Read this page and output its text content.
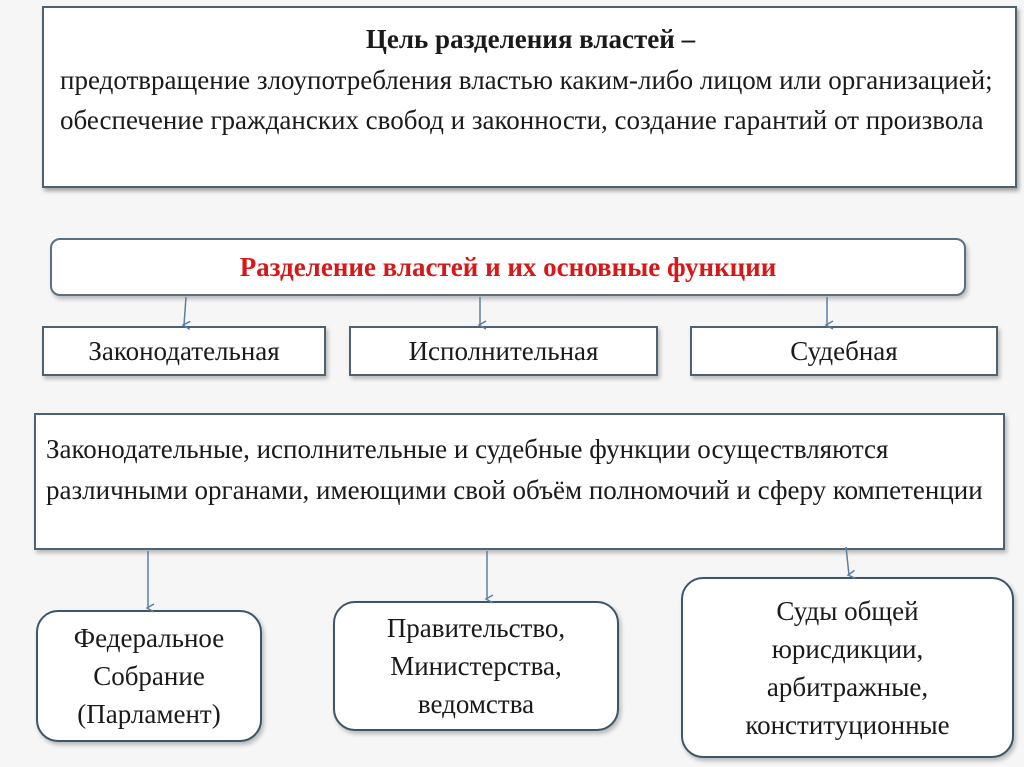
Цель разделения властей –
предотвращение злоупотребления властью каким-либо лицом или организацией; обеспечение гражданских свобод и законности, создание гарантий от произвола
Разделение властей и их основные функции
Законодательная	Исполнительная	Судебная
Законодательные, исполнительные и судебные функции осуществляются различными органами, имеющими свой объём полномочий и сферу компетенции
Федеральное
Собрание
(Парламент)
Правительство,
Министерства,
ведомства
Суды общей
юрисдикции,
арбитражные,
конституционные
